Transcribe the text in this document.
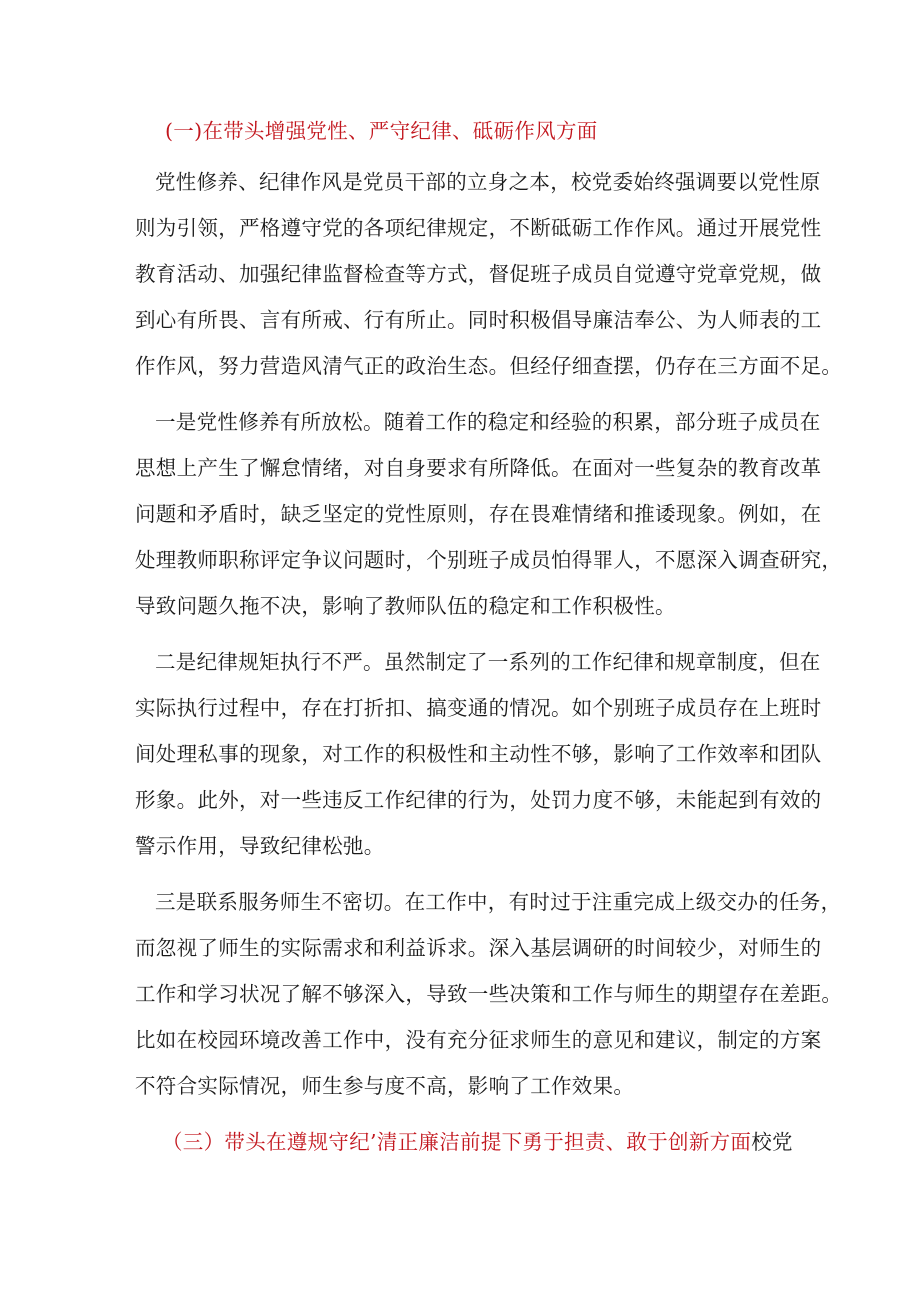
(一)在带头增强党性、严守纪律、砥砺作风方面
党性修养、纪律作风是党员干部的立身之本，校党委始终强调要以党性原
则为引领，严格遵守党的各项纪律规定，不断砥砺工作作风。通过开展党性
教育活动、加强纪律监督检查等方式，督促班子成员自觉遵守党章党规，做
到心有所畏、言有所戒、行有所止。同时积极倡导廉洁奉公、为人师表的工
作作风，努力营造风清气正的政治生态。但经仔细查摆，仍存在三方面不足。
一是党性修养有所放松。随着工作的稳定和经验的积累，部分班子成员在
思想上产生了懈怠情绪，对自身要求有所降低。在面对一些复杂的教育改革
问题和矛盾时，缺乏坚定的党性原则，存在畏难情绪和推诿现象。例如，在
处理教师职称评定争议问题时，个别班子成员怕得罪人，不愿深入调查研究，
导致问题久拖不决，影响了教师队伍的稳定和工作积极性。
二是纪律规矩执行不严。虽然制定了一系列的工作纪律和规章制度，但在
实际执行过程中，存在打折扣、搞变通的情况。如个别班子成员存在上班时
间处理私事的现象，对工作的积极性和主动性不够，影响了工作效率和团队
形象。此外，对一些违反工作纪律的行为，处罚力度不够，未能起到有效的
警示作用，导致纪律松弛。
三是联系服务师生不密切。在工作中，有时过于注重完成上级交办的任务，
而忽视了师生的实际需求和利益诉求。深入基层调研的时间较少，对师生的
工作和学习状况了解不够深入，导致一些决策和工作与师生的期望存在差距。
比如在校园环境改善工作中，没有充分征求师生的意见和建议，制定的方案
不符合实际情况，师生参与度不高，影响了工作效果。
（三）带头在遵规守纪’清正廉洁前提下勇于担责、敢于创新方面校党
